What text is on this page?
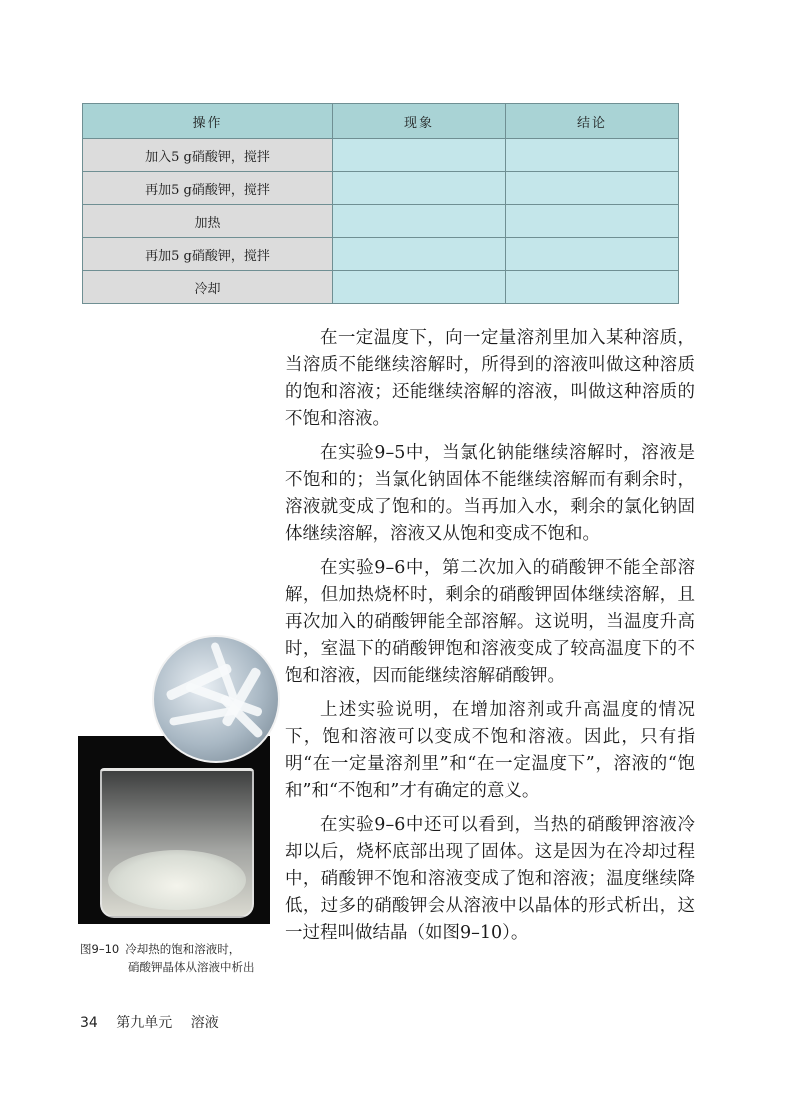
操作	现象	结论
加入5 g硝酸钾，搅拌		
再加5 g硝酸钾，搅拌		
加热		
再加5 g硝酸钾，搅拌		
冷却		

在一定温度下，向一定量溶剂里加入某种溶质，当溶质不能继续溶解时，所得到的溶液叫做这种溶质的饱和溶液；还能继续溶解的溶液，叫做这种溶质的不饱和溶液。

在实验9–5中，当氯化钠能继续溶解时，溶液是不饱和的；当氯化钠固体不能继续溶解而有剩余时，溶液就变成了饱和的。当再加入水，剩余的氯化钠固体继续溶解，溶液又从饱和变成不饱和。

在实验9–6中，第二次加入的硝酸钾不能全部溶解，但加热烧杯时，剩余的硝酸钾固体继续溶解，且再次加入的硝酸钾能全部溶解。这说明，当温度升高时，室温下的硝酸钾饱和溶液变成了较高温度下的不饱和溶液，因而能继续溶解硝酸钾。

上述实验说明，在增加溶剂或升高温度的情况下，饱和溶液可以变成不饱和溶液。因此，只有指明“在一定量溶剂里”和“在一定温度下”，溶液的“饱和”和“不饱和”才有确定的意义。

在实验9–6中还可以看到，当热的硝酸钾溶液冷却以后，烧杯底部出现了固体。这是因为在冷却过程中，硝酸钾不饱和溶液变成了饱和溶液；温度继续降低，过多的硝酸钾会从溶液中以晶体的形式析出，这一过程叫做结晶（如图9–10）。

图9–10 冷却热的饱和溶液时，
硝酸钾晶体从溶液中析出
34 第九单元 溶液
